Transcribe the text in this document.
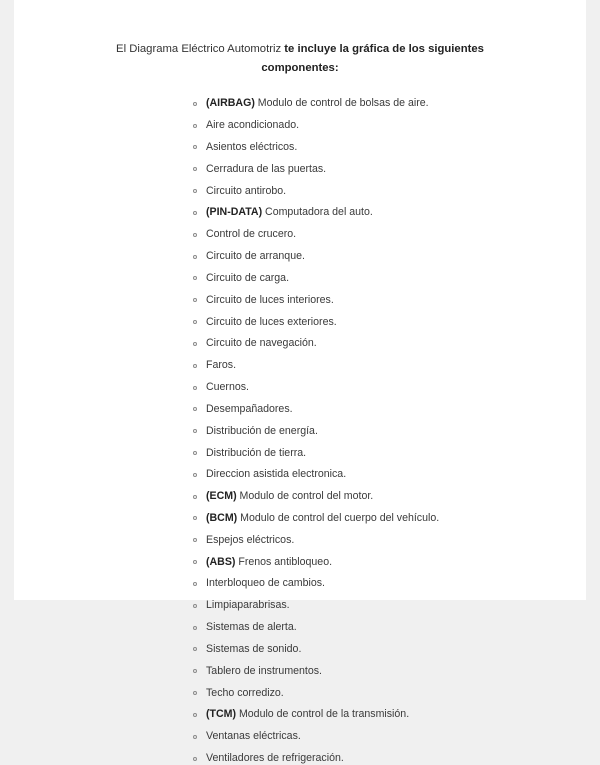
El Diagrama Eléctrico Automotriz te incluye la gráfica de los siguientes componentes:

(AIRBAG) Modulo de control de bolsas de aire.
Aire acondicionado.
Asientos eléctricos.
Cerradura de las puertas.
Circuito antirobo.
(PIN-DATA) Computadora del auto.
Control de crucero.
Circuito de arranque.
Circuito de carga.
Circuito de luces interiores.
Circuito de luces exteriores.
Circuito de navegación.
Faros.
Cuernos.
Desempañadores.
Distribución de energía.
Distribución de tierra.
Direccion asistida electronica.
(ECM) Modulo de control del motor.
(BCM) Modulo de control del cuerpo del vehículo.
Espejos eléctricos.
(ABS) Frenos antibloqueo.
Interbloqueo de cambios.
Limpiaparabrisas.
Sistemas de alerta.
Sistemas de sonido.
Tablero de instrumentos.
Techo corredizo.
(TCM) Modulo de control de la transmisión.
Ventanas eléctricas.
Ventiladores de refrigeración.
